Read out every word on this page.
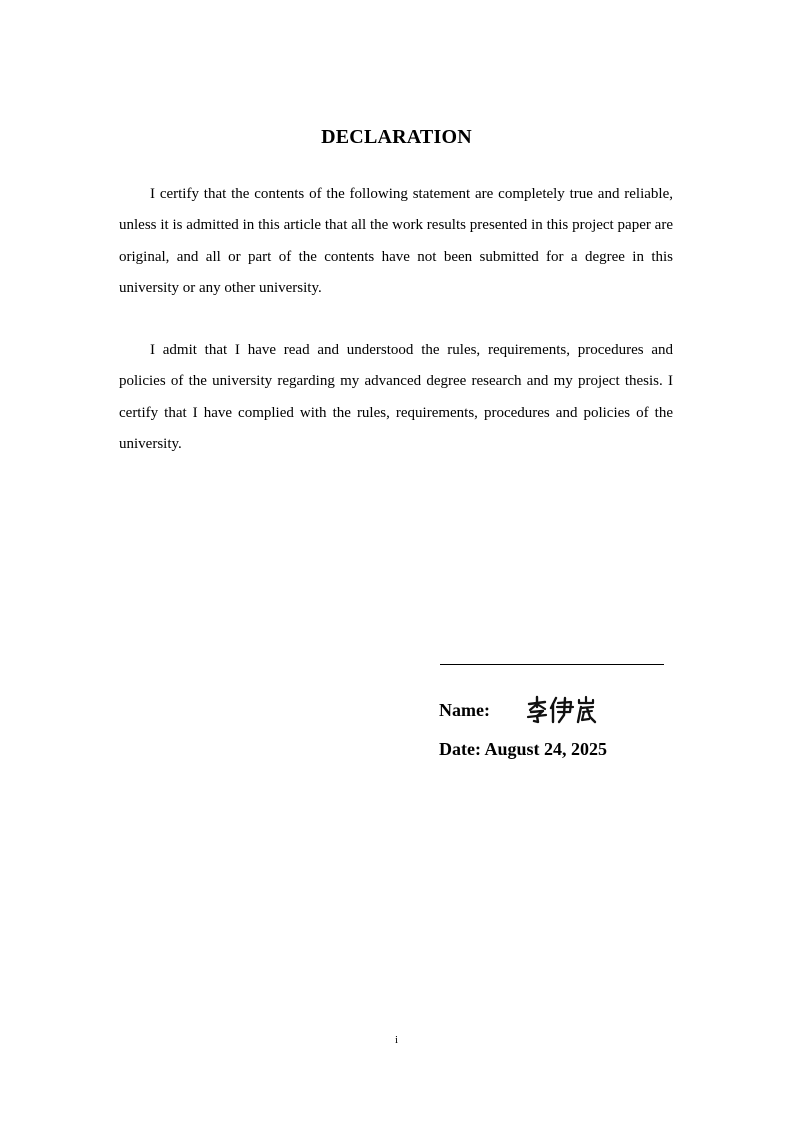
DECLARATION

I certify that the contents of the following statement are completely true and reliable, unless it is admitted in this article that all the work results presented in this project paper are original, and all or part of the contents have not been submitted for a degree in this university or any other university.

I admit that I have read and understood the rules, requirements, procedures and policies of the university regarding my advanced degree research and my project thesis. I certify that I have complied with the rules, requirements, procedures and policies of the university.

Name:
Date: August 24, 2025
i
